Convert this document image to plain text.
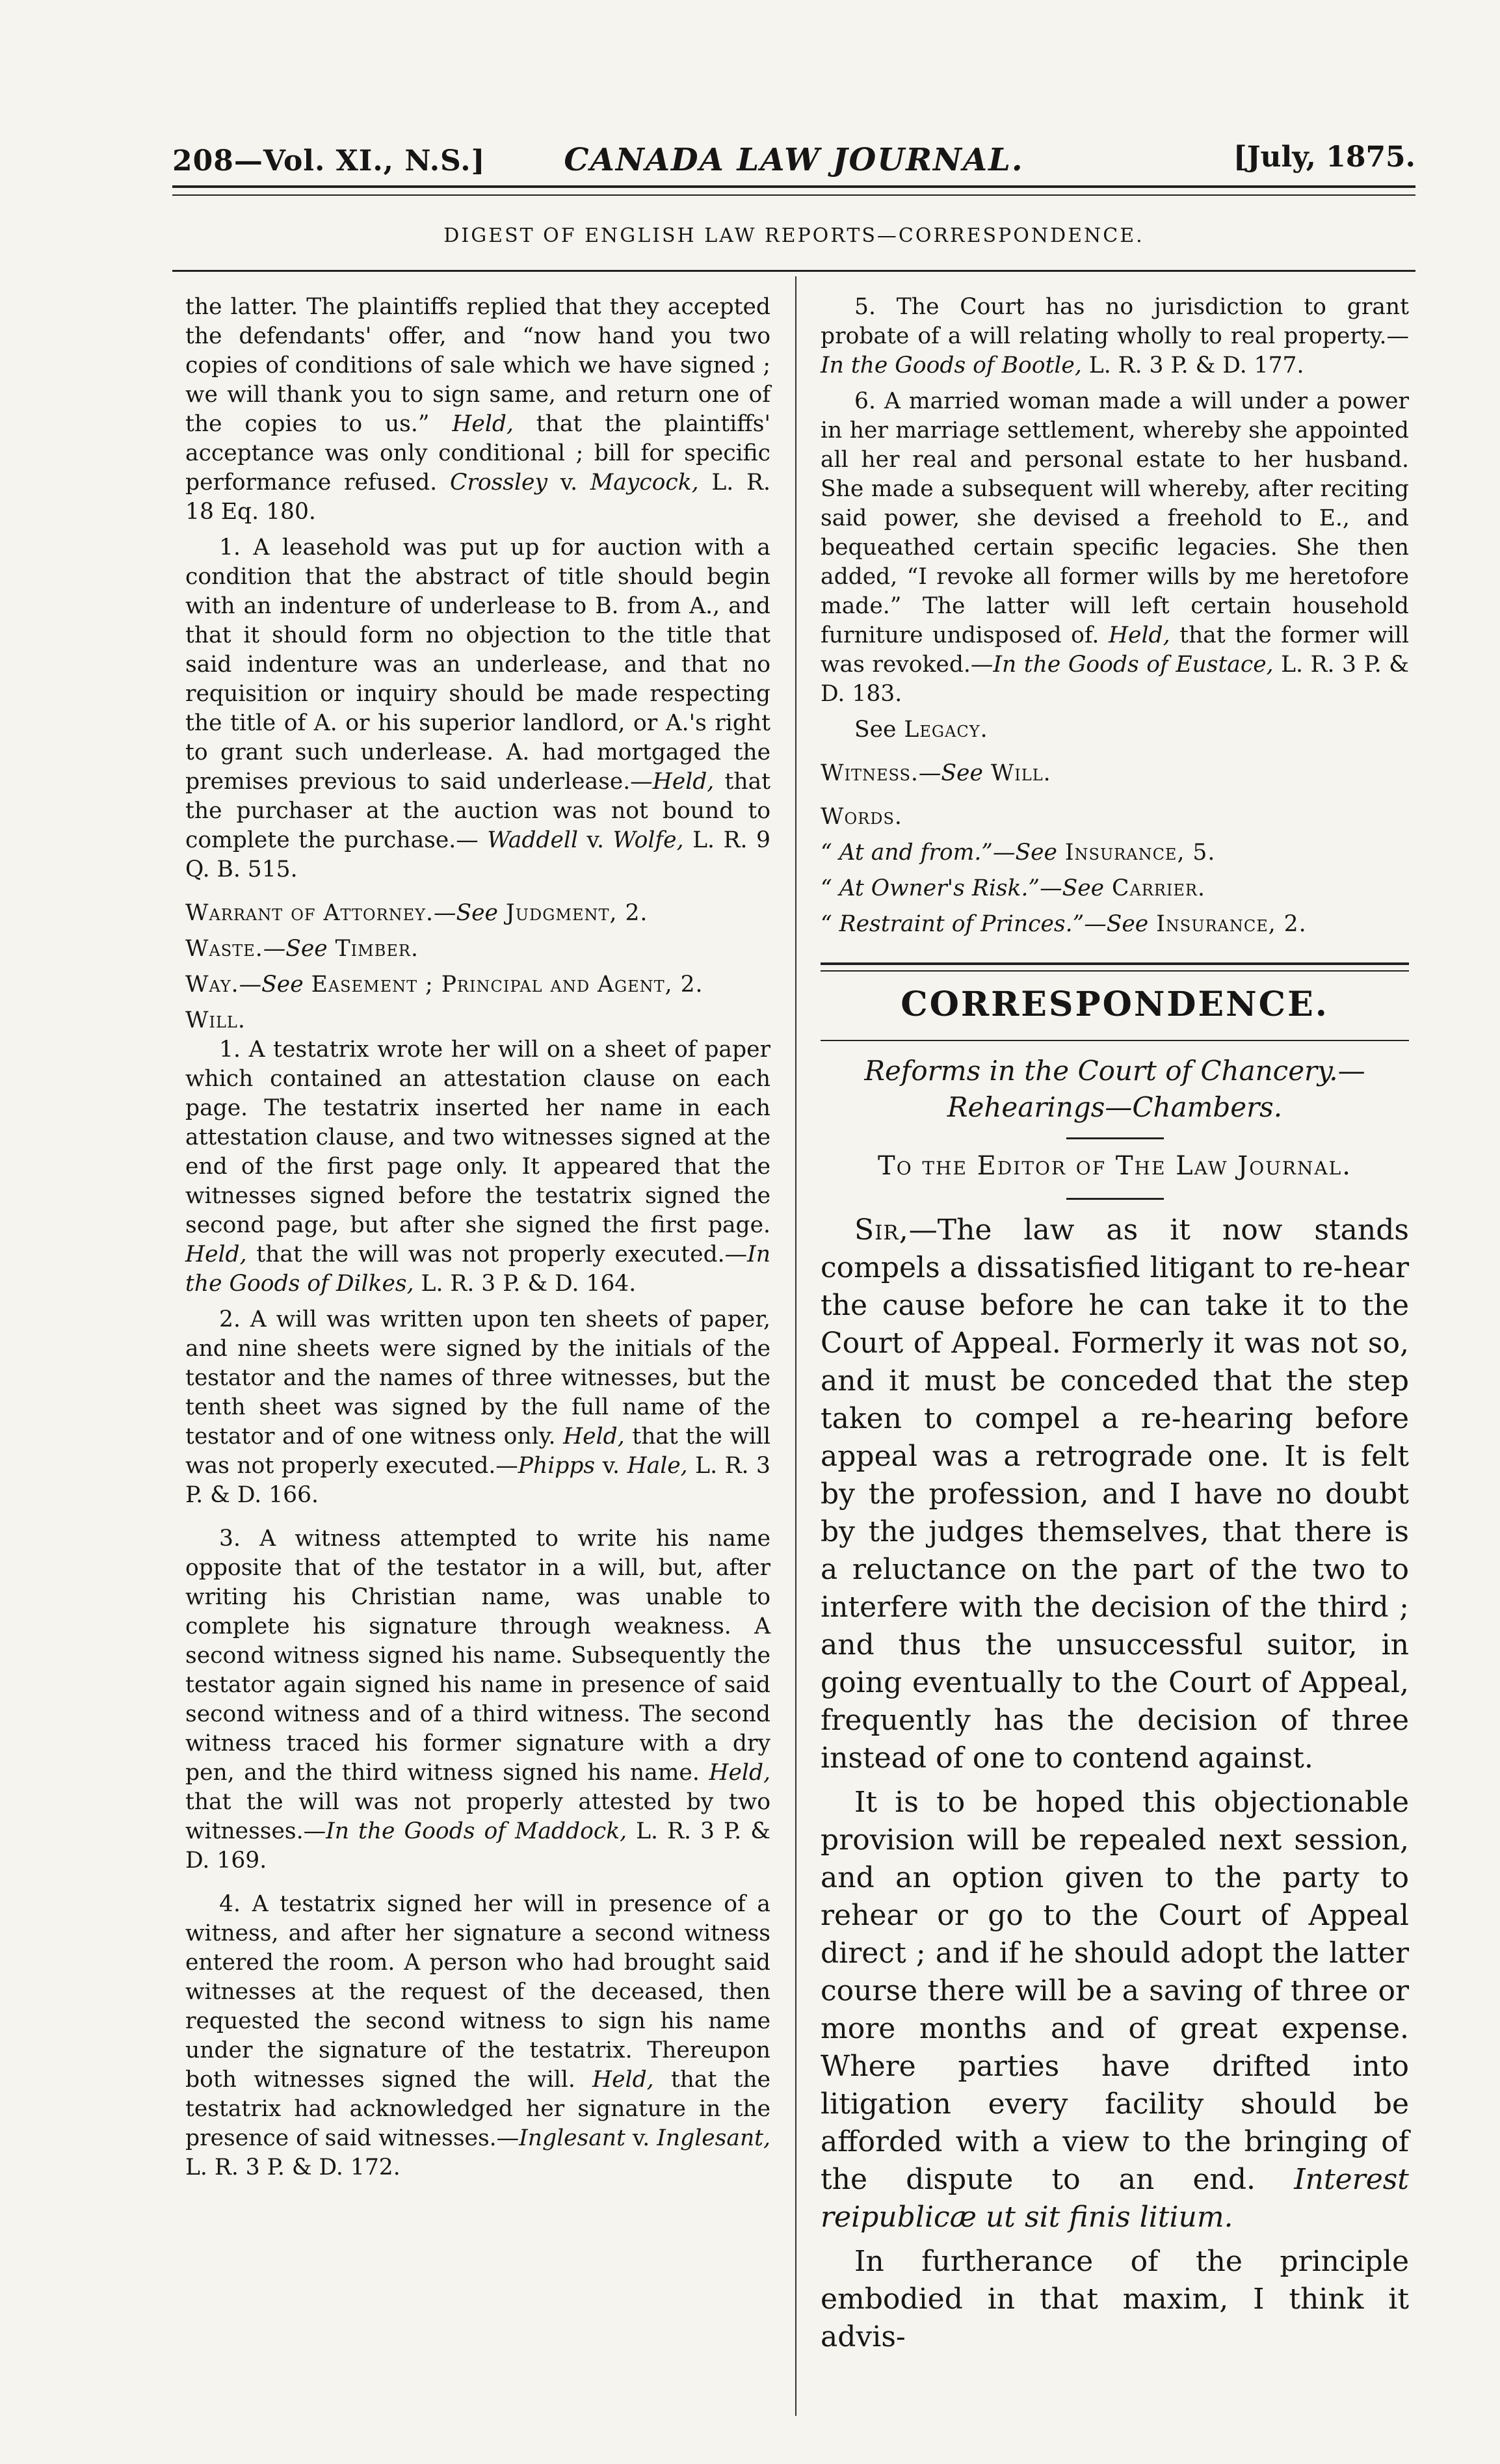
208—Vol. XI., N.S.]	CANADA LAW JOURNAL.	[July, 1875.
DIGEST OF ENGLISH LAW REPORTS—CORRESPONDENCE.

the latter. The plaintiffs replied that they accepted the defendants' offer, and “now hand you two copies of conditions of sale which we have signed ; we will thank you to sign same, and return one of the copies to us.” Held, that the plaintiffs' acceptance was only conditional ; bill for specific performance refused. Crossley v. Maycock, L. R. 18 Eq. 180.

1. A leasehold was put up for auction with a condition that the abstract of title should begin with an indenture of underlease to B. from A., and that it should form no objection to the title that said indenture was an underlease, and that no requisition or inquiry should be made respecting the title of A. or his superior landlord, or A.'s right to grant such underlease. A. had mortgaged the premises previous to said underlease.—Held, that the purchaser at the auction was not bound to complete the purchase.— Waddell v. Wolfe, L. R. 9 Q. B. 515.

Warrant of Attorney.—See Judgment, 2.

Waste.—See Timber.

Way.—See Easement ; Principal and Agent, 2.

Will.

1. A testatrix wrote her will on a sheet of paper which contained an attestation clause on each page. The testatrix inserted her name in each attestation clause, and two witnesses signed at the end of the first page only. It appeared that the witnesses signed before the testatrix signed the second page, but after she signed the first page. Held, that the will was not properly executed.—In the Goods of Dilkes, L. R. 3 P. & D. 164.

2. A will was written upon ten sheets of paper, and nine sheets were signed by the initials of the testator and the names of three witnesses, but the tenth sheet was signed by the full name of the testator and of one witness only. Held, that the will was not properly executed.—Phipps v. Hale, L. R. 3 P. & D. 166.

3. A witness attempted to write his name opposite that of the testator in a will, but, after writing his Christian name, was unable to complete his signature through weakness. A second witness signed his name. Subsequently the testator again signed his name in presence of said second witness and of a third witness. The second witness traced his former signature with a dry pen, and the third witness signed his name. Held, that the will was not properly attested by two witnesses.—In the Goods of Maddock, L. R. 3 P. & D. 169.

4. A testatrix signed her will in presence of a witness, and after her signature a second witness entered the room. A person who had brought said witnesses at the request of the deceased, then requested the second witness to sign his name under the signature of the testatrix. Thereupon both witnesses signed the will. Held, that the testatrix had acknowledged her signature in the presence of said witnesses.—Inglesant v. Inglesant, L. R. 3 P. & D. 172.

5. The Court has no jurisdiction to grant probate of a will relating wholly to real property.—In the Goods of Bootle, L. R. 3 P. & D. 177.

6. A married woman made a will under a power in her marriage settlement, whereby she appointed all her real and personal estate to her husband. She made a subsequent will whereby, after reciting said power, she devised a freehold to E., and bequeathed certain specific legacies. She then added, “I revoke all former wills by me heretofore made.” The latter will left certain household furniture undisposed of. Held, that the former will was revoked.—In the Goods of Eustace, L. R. 3 P. & D. 183.

See Legacy.

Witness.—See Will.

Words.

“ At and from.”—See Insurance, 5.

“ At Owner's Risk.”—See Carrier.

“ Restraint of Princes.”—See Insurance, 2.

CORRESPONDENCE.
Reforms in the Court of Chancery.—Rehearings—Chambers.
To the Editor of The Law Journal.

Sir,—The law as it now stands compels a dissatisfied litigant to re-hear the cause before he can take it to the Court of Appeal. Formerly it was not so, and it must be conceded that the step taken to compel a re-hearing before appeal was a retrograde one. It is felt by the profession, and I have no doubt by the judges themselves, that there is a reluctance on the part of the two to interfere with the decision of the third ; and thus the unsuccessful suitor, in going eventually to the Court of Appeal, frequently has the decision of three instead of one to contend against.

It is to be hoped this objectionable provision will be repealed next session, and an option given to the party to rehear or go to the Court of Appeal direct ; and if he should adopt the latter course there will be a saving of three or more months and of great expense. Where parties have drifted into litigation every facility should be afforded with a view to the bringing of the dispute to an end. Interest reipublicæ ut sit finis litium.

In furtherance of the principle embodied in that maxim, I think it advis-
